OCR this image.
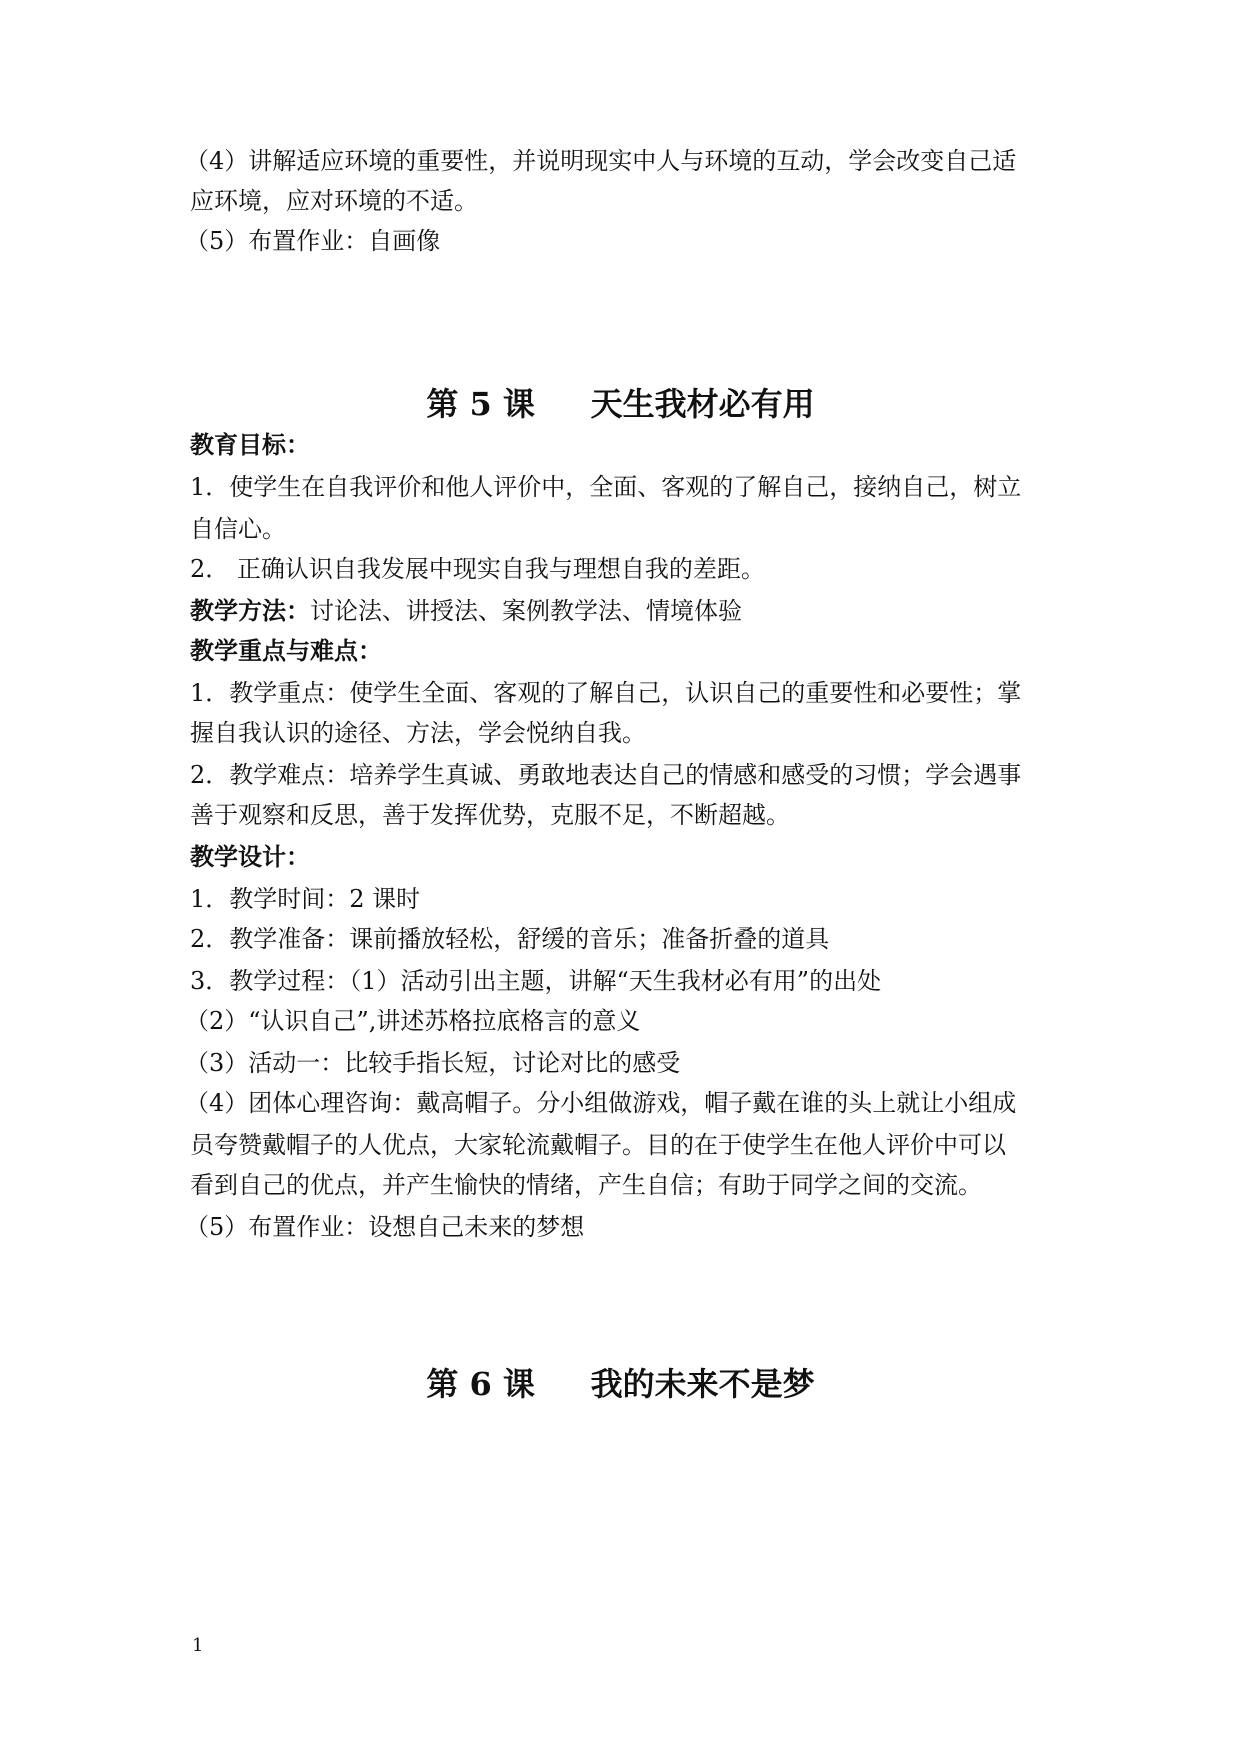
（4）讲解适应环境的重要性，并说明现实中人与环境的互动，学会改变自己适
应环境，应对环境的不适。
（5）布置作业：自画像
第 5 课     天生我材必有用
教育目标：
1．使学生在自我评价和他人评价中，全面、客观的了解自己，接纳自己，树立
自信心。
2． 正确认识自我发展中现实自我与理想自我的差距。
教学方法：讨论法、讲授法、案例教学法、情境体验
教学重点与难点：
1．教学重点：使学生全面、客观的了解自己，认识自己的重要性和必要性；掌
握自我认识的途径、方法，学会悦纳自我。
2．教学难点：培养学生真诚、勇敢地表达自己的情感和感受的习惯；学会遇事
善于观察和反思，善于发挥优势，克服不足，不断超越。
教学设计：
1．教学时间：2 课时
2．教学准备：课前播放轻松，舒缓的音乐；准备折叠的道具
3．教学过程：（1）活动引出主题，讲解“天生我材必有用”的出处
（2）“认识自己”,讲述苏格拉底格言的意义
（3）活动一：比较手指长短，讨论对比的感受
（4）团体心理咨询：戴高帽子。分小组做游戏，帽子戴在谁的头上就让小组成
员夸赞戴帽子的人优点，大家轮流戴帽子。目的在于使学生在他人评价中可以
看到自己的优点，并产生愉快的情绪，产生自信；有助于同学之间的交流。
（5）布置作业：设想自己未来的梦想
第 6 课     我的未来不是梦
1
